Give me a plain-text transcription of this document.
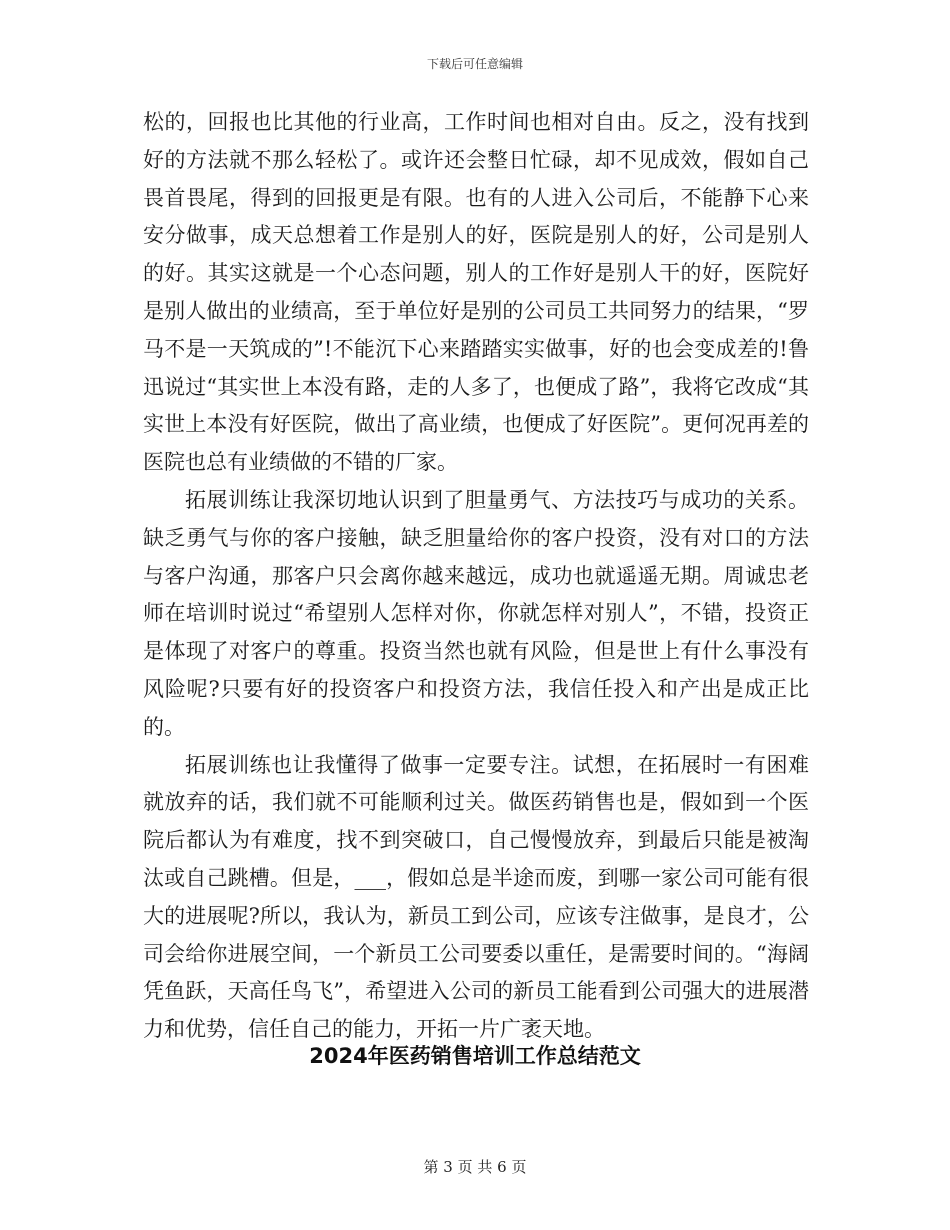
下载后可任意编辑

松的，回报也比其他的行业高，工作时间也相对自由。反之，没有找到好的方法就不那么轻松了。或许还会整日忙碌，却不见成效，假如自己畏首畏尾，得到的回报更是有限。也有的人进入公司后，不能静下心来安分做事，成天总想着工作是别人的好，医院是别人的好，公司是别人的好。其实这就是一个心态问题，别人的工作好是别人干的好，医院好是别人做出的业绩高，至于单位好是别的公司员工共同努力的结果，“罗马不是一天筑成的”!不能沉下心来踏踏实实做事，好的也会变成差的!鲁迅说过“其实世上本没有路，走的人多了，也便成了路”，我将它改成“其实世上本没有好医院，做出了高业绩，也便成了好医院”。更何况再差的医院也总有业绩做的不错的厂家。

拓展训练让我深切地认识到了胆量勇气、方法技巧与成功的关系。缺乏勇气与你的客户接触，缺乏胆量给你的客户投资，没有对口的方法与客户沟通，那客户只会离你越来越远，成功也就遥遥无期。周诚忠老师在培训时说过“希望别人怎样对你，你就怎样对别人”，不错，投资正是体现了对客户的尊重。投资当然也就有风险，但是世上有什么事没有风险呢?只要有好的投资客户和投资方法，我信任投入和产出是成正比的。

拓展训练也让我懂得了做事一定要专注。试想，在拓展时一有困难就放弃的话，我们就不可能顺利过关。做医药销售也是，假如到一个医院后都认为有难度，找不到突破口，自己慢慢放弃，到最后只能是被淘汰或自己跳槽。但是，___，假如总是半途而废，到哪一家公司可能有很大的进展呢?所以，我认为，新员工到公司，应该专注做事，是良才，公司会给你进展空间，一个新员工公司要委以重任，是需要时间的。“海阔凭鱼跃，天高任鸟飞”，希望进入公司的新员工能看到公司强大的进展潜力和优势，信任自己的能力，开拓一片广袤天地。

2024年医药销售培训工作总结范文
第 3 页 共 6 页
